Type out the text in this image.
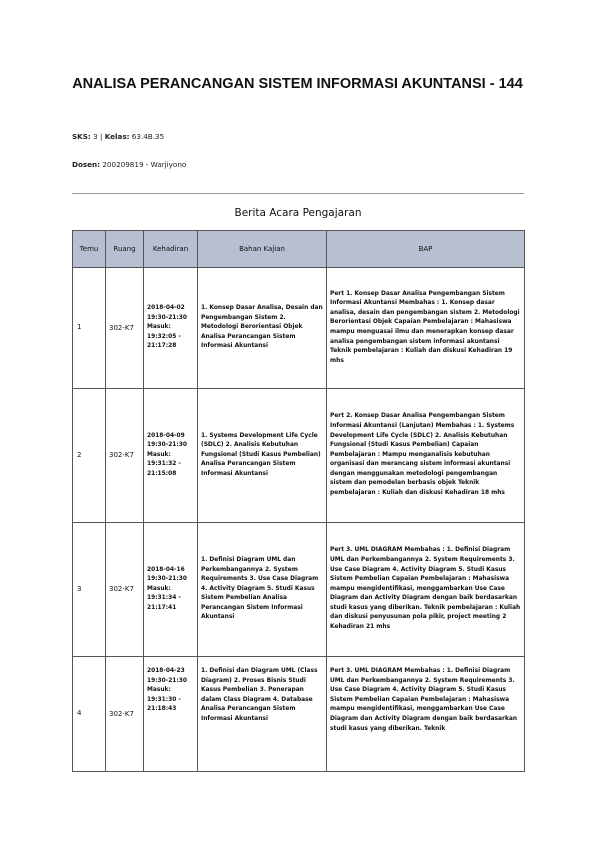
ANALISA PERANCANGAN SISTEM INFORMASI AKUNTANSI - 144
SKS: 3 | Kelas: 63.4B.35
Dosen: 200209819 - Warjiyono
Berita Acara Pengajaran
Temu	Ruang	Kehadiran	Bahan Kajian	BAP
1	302-K7	2018-04-02 19:30-21:30 Masuk: 19:32:05 - 21:17:28	1. Konsep Dasar Analisa, Desain dan Pengembangan Sistem 2. Metodologi Berorientasi Objek Analisa Perancangan Sistem Informasi Akuntansi	Pert 1. Konsep Dasar Analisa Pengembangan Sistem Informasi Akuntansi Membahas : 1. Konsep dasar analisa, desain dan pengembangan sistem 2. Metodologi Berorientasi Objek Capaian Pembelajaran : Mahasiswa mampu menguasai ilmu dan menerapkan konsep dasar analisa pengembangan sistem informasi akuntansi Teknik pembelajaran : Kuliah dan diskusi Kehadiran 19 mhs
2	302-K7	2018-04-09 19:30-21:30 Masuk: 19:31:32 - 21:15:08	1. Systems Development Life Cycle (SDLC) 2. Analisis Kebutuhan Fungsional (Studi Kasus Pembelian) Analisa Perancangan Sistem Informasi Akuntansi	Pert 2. Konsep Dasar Analisa Pengembangan Sistem Informasi Akuntansi (Lanjutan) Membahas : 1. Systems Development Life Cycle (SDLC) 2. Analisis Kebutuhan Fungsional (Studi Kasus Pembelian) Capaian Pembelajaran : Mampu menganalisis kebutuhan organisasi dan merancang sistem informasi akuntansi dengan menggunakan metodologi pengembangan sistem dan pemodelan berbasis objek Teknik pembelajaran : Kuliah dan diskusi Kehadiran 18 mhs
3	302-K7	2018-04-16 19:30-21:30 Masuk: 19:31:34 - 21:17:41	1. Definisi Diagram UML dan Perkembangannya 2. System Requirements 3. Use Case Diagram 4. Activity Diagram 5. Studi Kasus Sistem Pembelian Analisa Perancangan Sistem Informasi Akuntansi	Pert 3. UML DIAGRAM Membahas : 1. Definisi Diagram UML dan Perkembangannya 2. System Requirements 3. Use Case Diagram 4. Activity Diagram 5. Studi Kasus Sistem Pembelian Capaian Pembelajaran : Mahasiswa mampu mengidentifikasi, menggambarkan Use Case Diagram dan Activity Diagram dengan baik berdasarkan studi kasus yang diberikan. Teknik pembelajaran : Kuliah dan diskusi penyusunan pola pikir, project meeting 2 Kehadiran 21 mhs
4	302-K7	2018-04-23 19:30-21:30 Masuk: 19:31:30 - 21:18:43	1. Definisi dan Diagram UML (Class Diagram) 2. Proses Bisnis Studi Kasus Pembelian 3. Penerapan dalam Class Diagram 4. Database Analisa Perancangan Sistem Informasi Akuntansi	Pert 3. UML DIAGRAM Membahas : 1. Definisi Diagram UML dan Perkembangannya 2. System Requirements 3. Use Case Diagram 4. Activity Diagram 5. Studi Kasus Sistem Pembelian Capaian Pembelajaran : Mahasiswa mampu mengidentifikasi, menggambarkan Use Case Diagram dan Activity Diagram dengan baik berdasarkan studi kasus yang diberikan. Teknik
